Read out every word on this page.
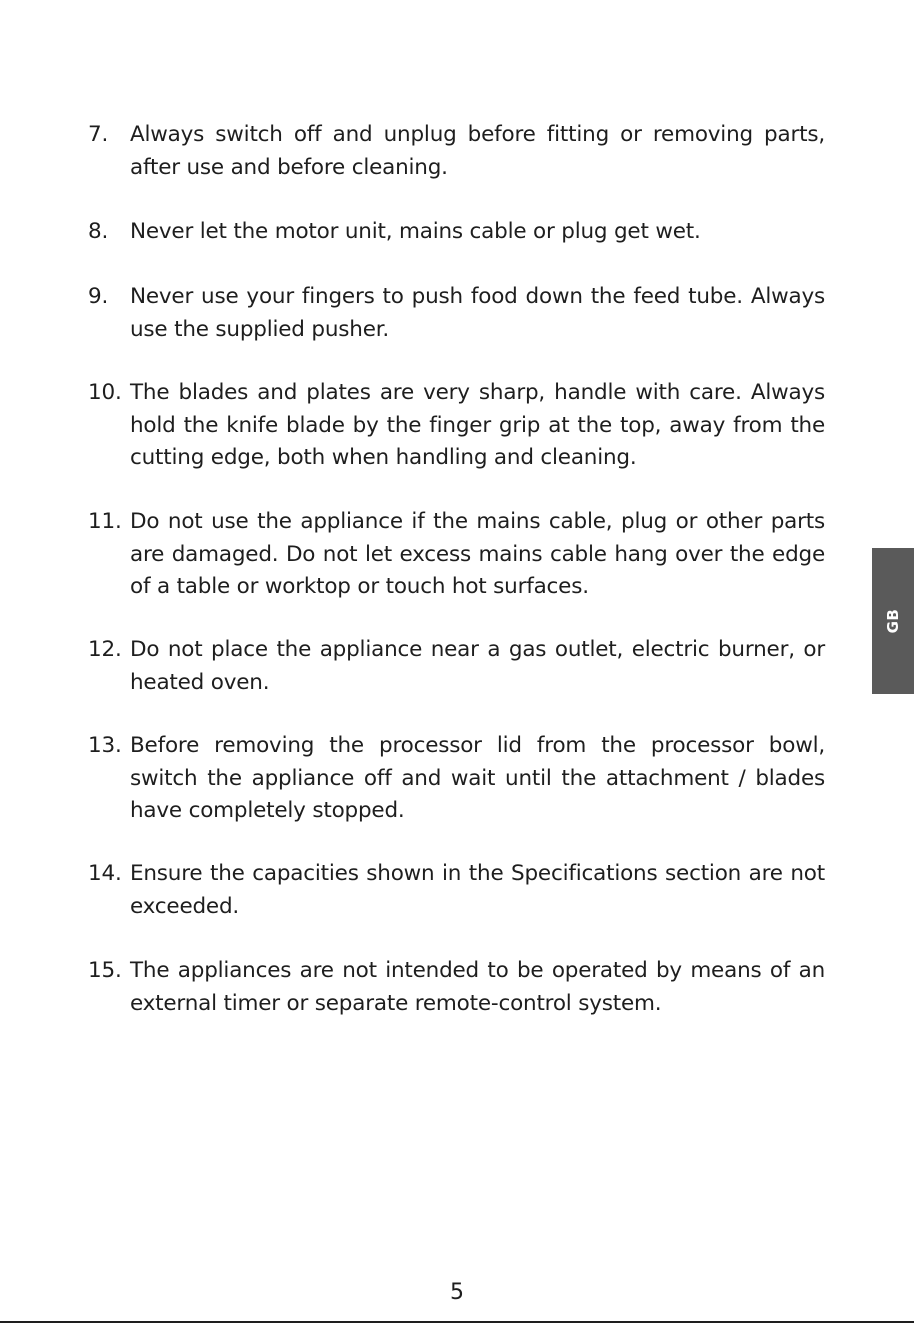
7.	Always switch off and unplug before fitting or removing parts, after use and before cleaning.
8.	Never let the motor unit, mains cable or plug get wet.
9.	Never use your fingers to push food down the feed tube. Always use the supplied pusher.
10. The blades and plates are very sharp, handle with care. Always hold the knife blade by the finger grip at the top, away from the cutting edge, both when handling and cleaning.
11. Do not use the appliance if the mains cable, plug or other parts are damaged. Do not let excess mains cable hang over the edge of a table or worktop or touch hot surfaces.
12. Do not place the appliance near a gas outlet, electric burner, or heated oven.
13. Before removing the processor lid from the processor bowl, switch the appliance off and wait until the attachment / blades have completely stopped.
14. Ensure the capacities shown in the Specifications section are not exceeded.
15. The appliances are not intended to be operated by means of an external timer or separate remote-control system.
GB
5
